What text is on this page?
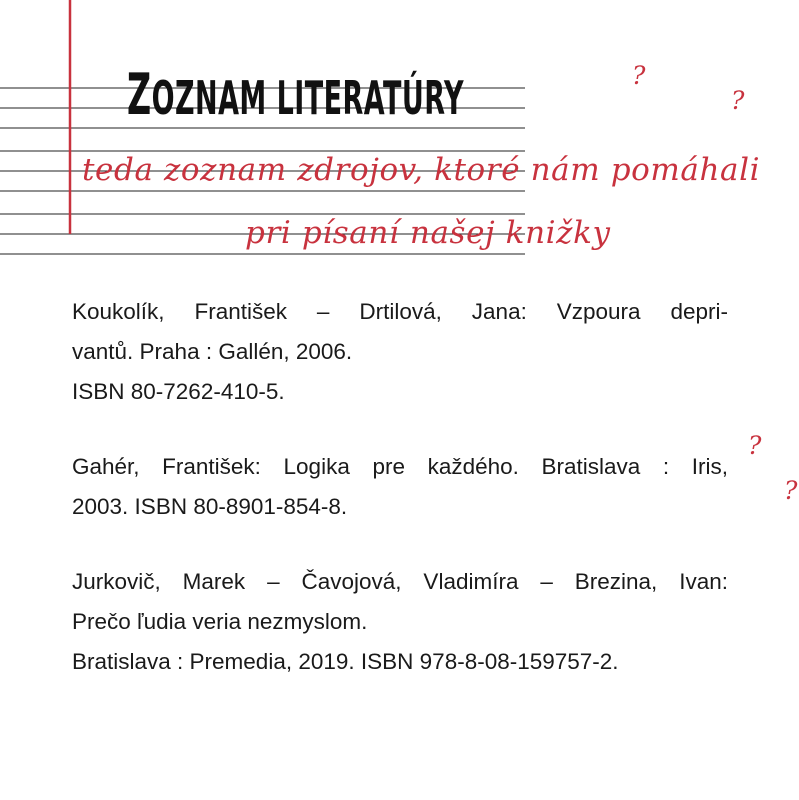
ZOZNAM LITERATÚRY
teda zoznam zdrojov, ktoré nám pomáhali
pri písaní našej knižky
?
?
?
?

Koukolík, František – Drtilová, Jana: Vzpoura depri-

vantů. Praha : Gallén, 2006.

ISBN 80-7262-410-5.

Gahér, František: Logika pre každého. Bratislava : Iris,

2003. ISBN 80-8901-854-8.

Jurkovič, Marek – Čavojová, Vladimíra – Brezina, Ivan:

Prečo ľudia veria nezmyslom.

Bratislava : Premedia, 2019. ISBN 978-8-08-159757-2.
